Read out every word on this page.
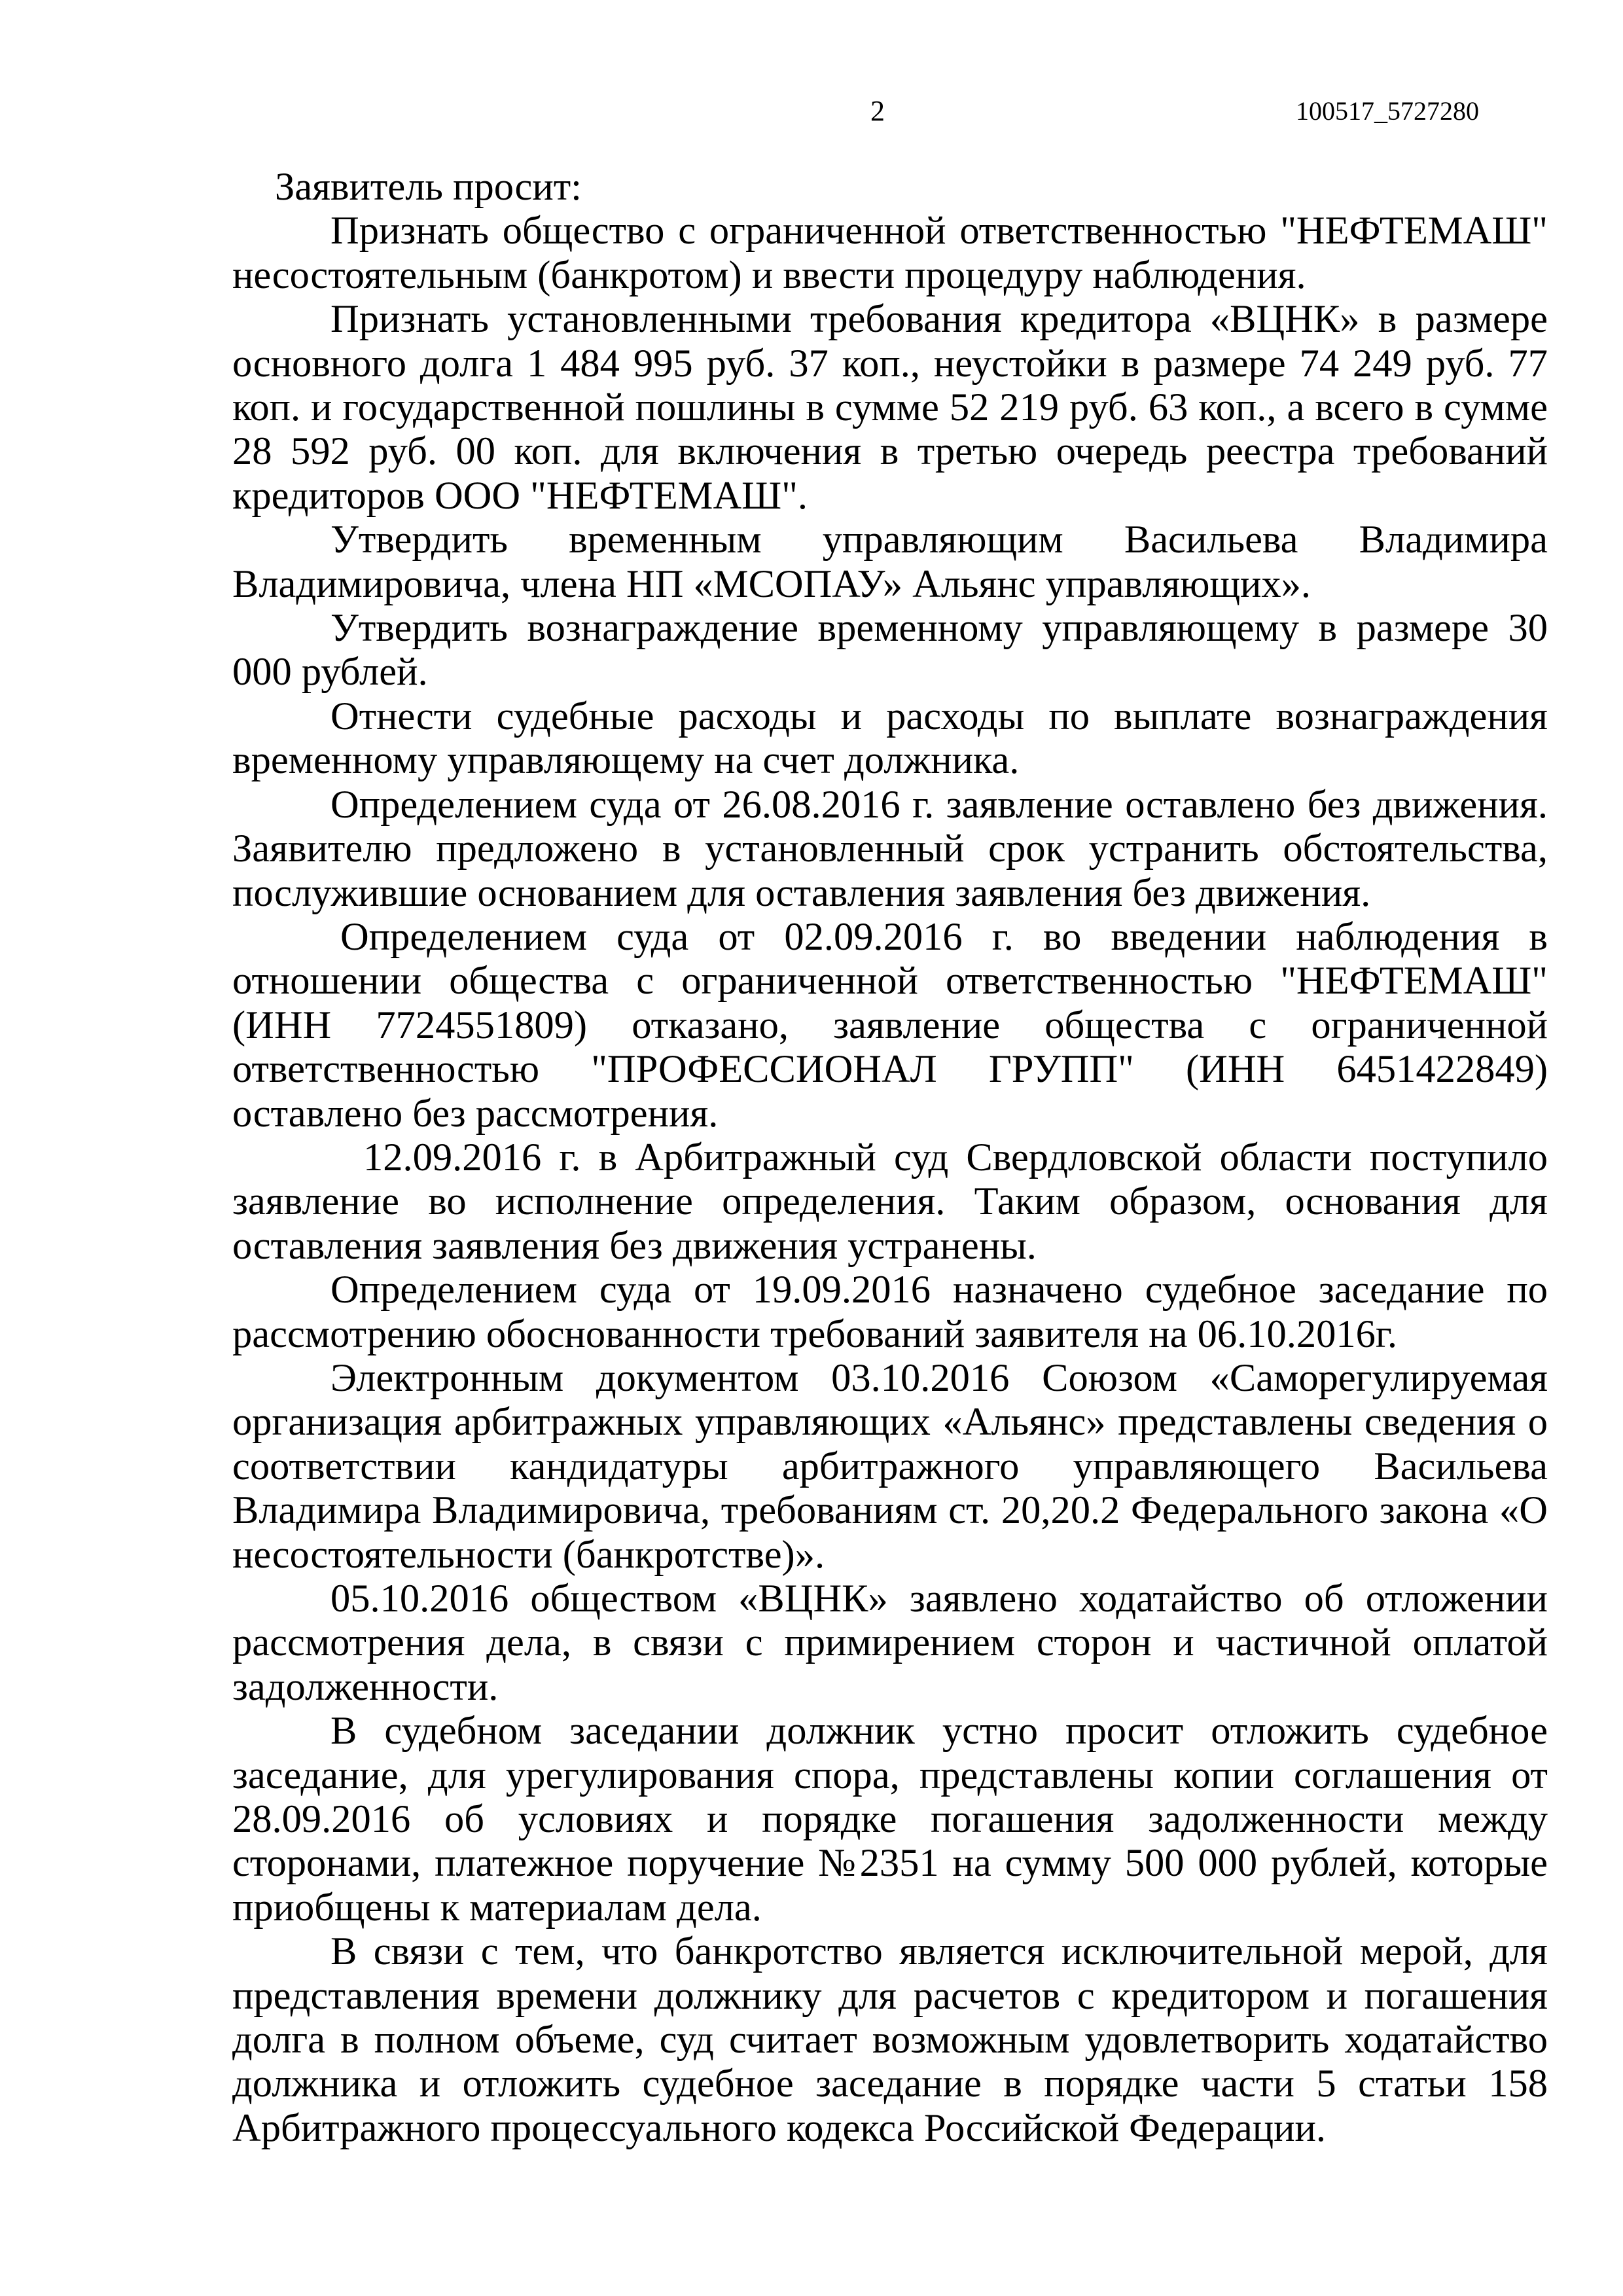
2	100517_5727280

Заявитель просит:

Признать общество с ограниченной ответственностью "НЕФТЕМАШ" несостоятельным (банкротом) и ввести процедуру наблюдения.

Признать установленными требования кредитора «ВЦНК» в размере основного долга 1 484 995 руб. 37 коп., неустойки в размере 74 249 руб. 77 коп. и государственной пошлины в сумме 52 219 руб. 63 коп., а всего в сумме 28 592 руб. 00 коп. для включения в третью очередь реестра требований кредиторов ООО "НЕФТЕМАШ".

Утвердить временным управляющим Васильева Владимира Владимировича, члена НП «МСОПАУ» Альянс управляющих».

Утвердить вознаграждение временному управляющему в размере 30 000 рублей.

Отнести судебные расходы и расходы по выплате вознаграждения временному управляющему на счет должника.

Определением суда от 26.08.2016 г. заявление оставлено без движения. Заявителю предложено в установленный срок устранить обстоятельства, послужившие основанием для оставления заявления без движения.

Определением суда от 02.09.2016 г. во введении наблюдения в отношении общества с ограниченной ответственностью "НЕФТЕМАШ" (ИНН 7724551809) отказано, заявление общества с ограниченной ответственностью "ПРОФЕССИОНАЛ ГРУПП" (ИНН 6451422849) оставлено без рассмотрения.

12.09.2016 г. в Арбитражный суд Свердловской области поступило заявление во исполнение определения. Таким образом, основания для оставления заявления без движения устранены.

Определением суда от 19.09.2016 назначено судебное заседание по рассмотрению обоснованности требований заявителя на 06.10.2016г.

Электронным документом 03.10.2016 Союзом «Саморегулируемая организация арбитражных управляющих «Альянс» представлены сведения о соответствии кандидатуры арбитражного управляющего Васильева Владимира Владимировича, требованиям ст. 20,20.2 Федерального закона «О несостоятельности (банкротстве)».

05.10.2016 обществом «ВЦНК» заявлено ходатайство об отложении рассмотрения дела, в связи с примирением сторон и частичной оплатой задолженности.

В судебном заседании должник устно просит отложить судебное заседание, для урегулирования спора, представлены копии соглашения от 28.09.2016 об условиях и порядке погашения задолженности между сторонами, платежное поручение №2351 на сумму 500 000 рублей, которые приобщены к материалам дела.

В связи с тем, что банкротство является исключительной мерой, для представления времени должнику для расчетов с кредитором и погашения долга в полном объеме, суд считает возможным удовлетворить ходатайство должника и отложить судебное заседание в порядке части 5 статьи 158 Арбитражного процессуального кодекса Российской Федерации.
